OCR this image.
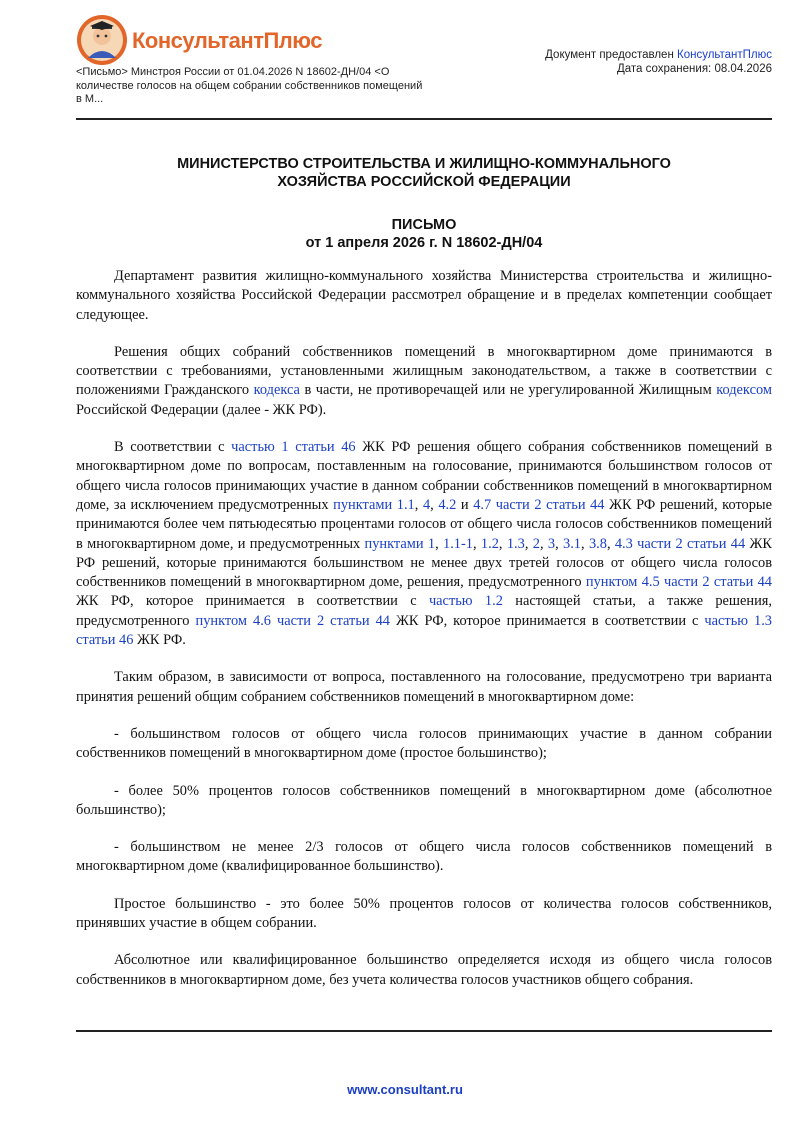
КонсультантПлюс
<Письмо> Минстроя России от 01.04.2026 N 18602-ДН/04 <О количестве голосов на общем собрании собственников помещений в М...
Документ предоставлен КонсультантПлюс
Дата сохранения: 08.04.2026
МИНИСТЕРСТВО СТРОИТЕЛЬСТВА И ЖИЛИЩНО-КОММУНАЛЬНОГО
ХОЗЯЙСТВА РОССИЙСКОЙ ФЕДЕРАЦИИ
ПИСЬМО
от 1 апреля 2026 г. N 18602-ДН/04

Департамент развития жилищно-коммунального хозяйства Министерства строительства и жилищно-коммунального хозяйства Российской Федерации рассмотрел обращение и в пределах компетенции сообщает следующее.

Решения общих собраний собственников помещений в многоквартирном доме принимаются в соответствии с требованиями, установленными жилищным законодательством, а также в соответствии с положениями Гражданского кодекса в части, не противоречащей или не урегулированной Жилищным кодексом Российской Федерации (далее - ЖК РФ).

В соответствии с частью 1 статьи 46 ЖК РФ решения общего собрания собственников помещений в многоквартирном доме по вопросам, поставленным на голосование, принимаются большинством голосов от общего числа голосов принимающих участие в данном собрании собственников помещений в многоквартирном доме, за исключением предусмотренных пунктами 1.1, 4, 4.2 и 4.7 части 2 статьи 44 ЖК РФ решений, которые принимаются более чем пятьюдесятью процентами голосов от общего числа голосов собственников помещений в многоквартирном доме, и предусмотренных пунктами 1, 1.1-1, 1.2, 1.3, 2, 3, 3.1, 3.8, 4.3 части 2 статьи 44 ЖК РФ решений, которые принимаются большинством не менее двух третей голосов от общего числа голосов собственников помещений в многоквартирном доме, решения, предусмотренного пунктом 4.5 части 2 статьи 44 ЖК РФ, которое принимается в соответствии с частью 1.2 настоящей статьи, а также решения, предусмотренного пунктом 4.6 части 2 статьи 44 ЖК РФ, которое принимается в соответствии с частью 1.3 статьи 46 ЖК РФ.

Таким образом, в зависимости от вопроса, поставленного на голосование, предусмотрено три варианта принятия решений общим собранием собственников помещений в многоквартирном доме:

- большинством голосов от общего числа голосов принимающих участие в данном собрании собственников помещений в многоквартирном доме (простое большинство);

- более 50% процентов голосов собственников помещений в многоквартирном доме (абсолютное большинство);

- большинством не менее 2/3 голосов от общего числа голосов собственников помещений в многоквартирном доме (квалифицированное большинство).

Простое большинство - это более 50% процентов голосов от количества голосов собственников, принявших участие в общем собрании.

Абсолютное или квалифицированное большинство определяется исходя из общего числа голосов собственников в многоквартирном доме, без учета количества голосов участников общего собрания.

www.consultant.ru
